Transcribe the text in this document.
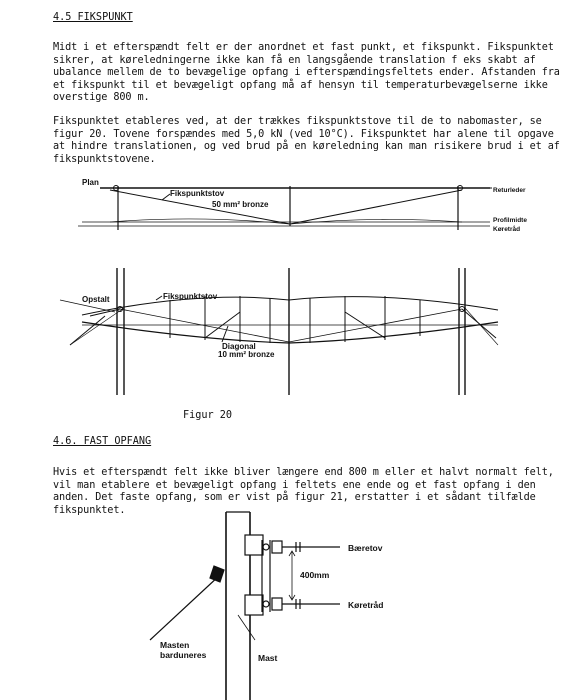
4.5 FIKSPUNKT

Midt i et efterspændt felt er der anordnet et fast punkt, et fikspunkt. Fikspunktet
sikrer, at køreledningerne ikke kan få en langsgående translation f eks skabt af
ubalance mellem de to bevægelige opfang i efterspændingsfeltets ender. Afstanden fra
et fikspunkt til et bevægeligt opfang må af hensyn til temperaturbevægelserne ikke
overstige 800 m.

Fikspunktet etableres ved, at der trækkes fikspunktstove til de to nabomaster, se
figur 20. Tovene forspændes med 5,0 kN (ved 10°C). Fikspunktet har alene til opgave
at hindre translationen, og ved brud på en køreledning kan man risikere brud i et af
fikspunktstovene.
Plan
Fikspunktstov
50 mm² bronze
Returleder
Profilmidte
Køretråd
Opstalt	Fikspunktstov
Diagonal
10 mm² bronze
Figur 20
4.6. FAST OPFANG

Hvis et efterspændt felt ikke bliver længere end 800 m eller et halvt normalt felt,
vil man etablere et bevægeligt opfang i feltets ene ende og et fast opfang i den
anden. Det faste opfang, som er vist på figur 21, erstatter i et sådant tilfælde
fikspunktet.
Bæretov
Køretråd
400mm
Masten
barduneres	Mast
